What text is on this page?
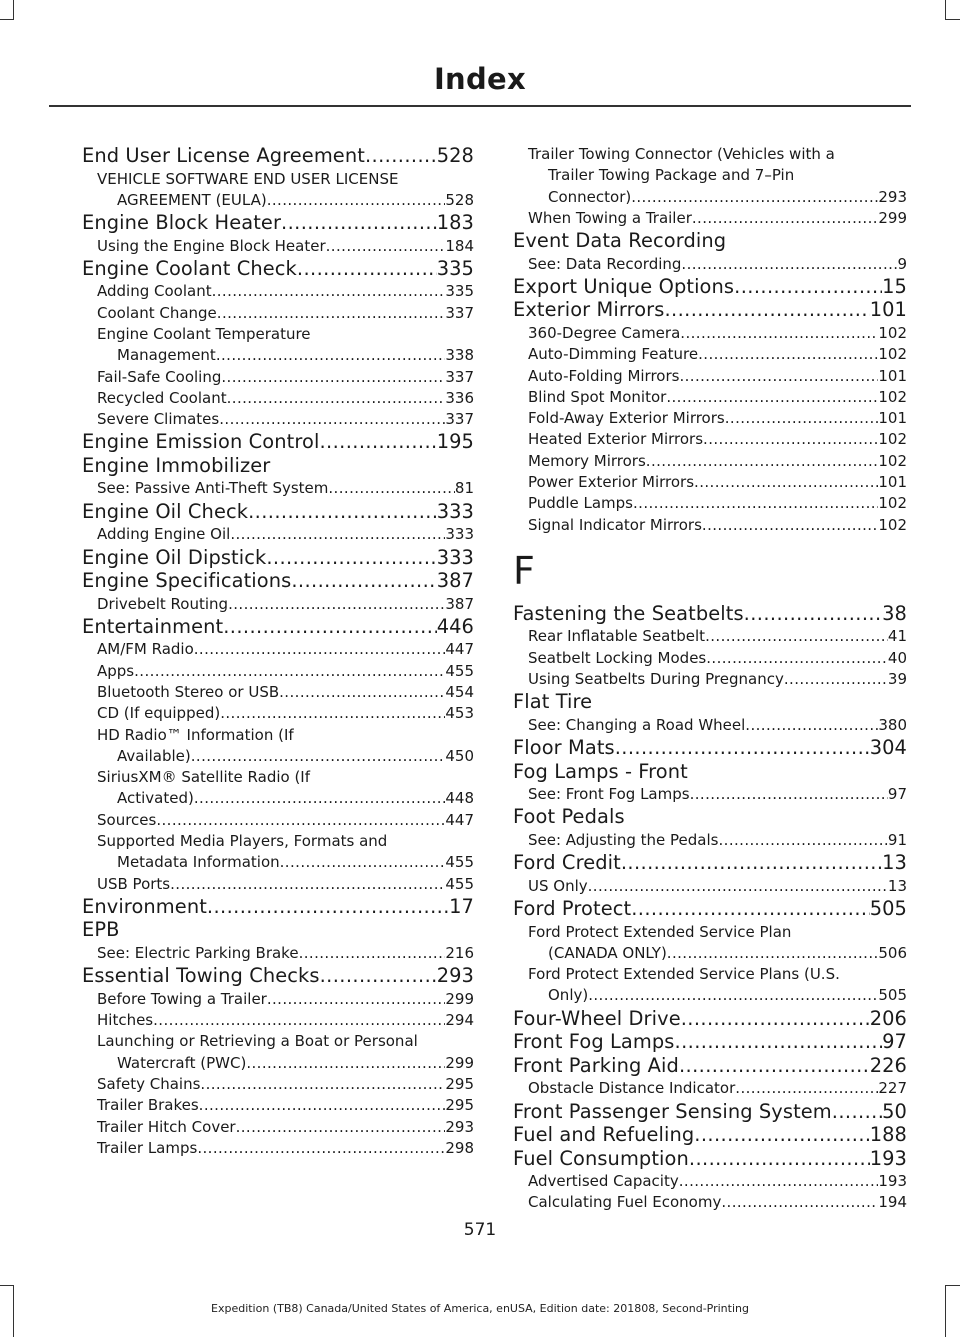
Index
End User License Agreement .....	528
VEHICLE SOFTWARE END USER LICENSE
AGREEMENT (EULA) .....	528
Engine Block Heater .....	183
Using the Engine Block Heater .....	184
Engine Coolant Check .....	335
Adding Coolant .....	335
Coolant Change .....	337
Engine Coolant Temperature
Management .....	338
Fail-Safe Cooling .....	337
Recycled Coolant .....	336
Severe Climates .....	337
Engine Emission Control .....	195
Engine Immobilizer
See: Passive Anti-Theft System .....	81
Engine Oil Check .....	333
Adding Engine Oil .....	333
Engine Oil Dipstick .....	333
Engine Specifications .....	387
Drivebelt Routing .....	387
Entertainment .....	446
AM/FM Radio .....	447
Apps .....	455
Bluetooth Stereo or USB .....	454
CD (If equipped) .....	453
HD Radio™ Information (If
Available) .....	450
SiriusXM® Satellite Radio (If
Activated) .....	448
Sources .....	447
Supported Media Players, Formats and
Metadata Information .....	455
USB Ports .....	455
Environment .....	17
EPB
See: Electric Parking Brake .....	216
Essential Towing Checks .....	293
Before Towing a Trailer .....	299
Hitches .....	294
Launching or Retrieving a Boat or Personal
Watercraft (PWC) .....	299
Safety Chains .....	295
Trailer Brakes .....	295
Trailer Hitch Cover .....	293
Trailer Lamps .....	298
Trailer Towing Connector (Vehicles with a
Trailer Towing Package and 7–Pin
Connector) .....	293
When Towing a Trailer .....	299
Event Data Recording
See: Data Recording .....	9
Export Unique Options .....	15
Exterior Mirrors .....	101
360-Degree Camera .....	102
Auto-Dimming Feature .....	102
Auto-Folding Mirrors .....	101
Blind Spot Monitor .....	102
Fold-Away Exterior Mirrors .....	101
Heated Exterior Mirrors .....	102
Memory Mirrors .....	102
Power Exterior Mirrors .....	101
Puddle Lamps .....	102
Signal Indicator Mirrors .....	102
F
Fastening the Seatbelts .....	38
Rear Inflatable Seatbelt .....	41
Seatbelt Locking Modes .....	40
Using Seatbelts During Pregnancy .....	39
Flat Tire
See: Changing a Road Wheel .....	380
Floor Mats .....	304
Fog Lamps - Front
See: Front Fog Lamps .....	97
Foot Pedals
See: Adjusting the Pedals .....	91
Ford Credit .....	13
US Only .....	13
Ford Protect .....	505
Ford Protect Extended Service Plan
(CANADA ONLY) .....	506
Ford Protect Extended Service Plans (U.S.
Only) .....	505
Four-Wheel Drive .....	206
Front Fog Lamps .....	97
Front Parking Aid .....	226
Obstacle Distance Indicator .....	227
Front Passenger Sensing System .....	50
Fuel and Refueling .....	188
Fuel Consumption .....	193
Advertised Capacity .....	193
Calculating Fuel Economy .....	194
571
Expedition (TB8) Canada/United States of America, enUSA, Edition date: 201808, Second-Printing
